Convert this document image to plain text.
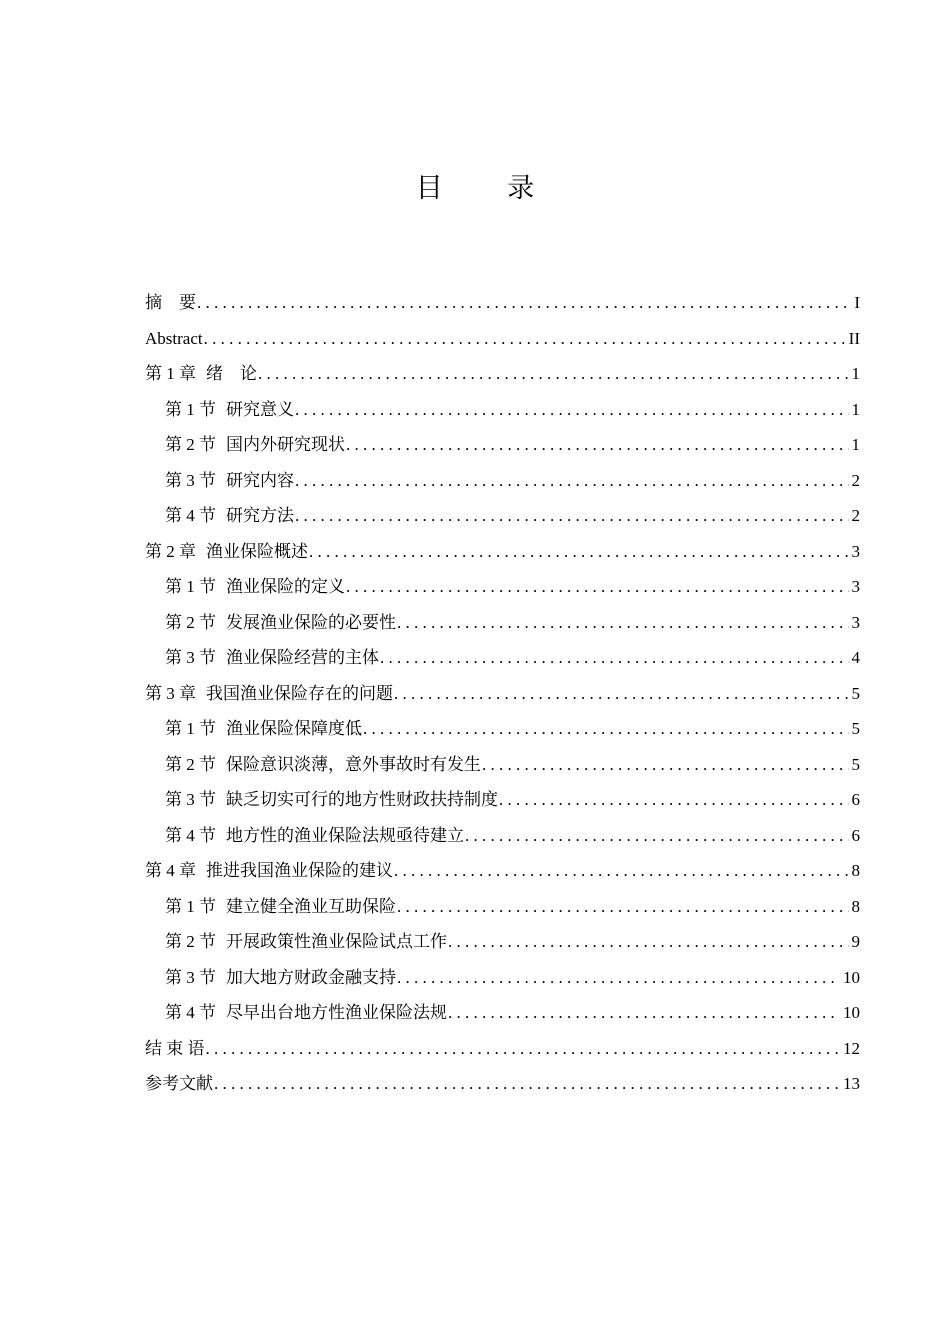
目 录
摘　要 . . .	I
Abstract . . .	II
第 1 章 绪　论 . . .	1
第 1 节 研究意义 . . .	1
第 2 节 国内外研究现状 . . .	1
第 3 节 研究内容 . . .	2
第 4 节 研究方法 . . .	2
第 2 章 渔业保险概述 . . .	3
第 1 节 渔业保险的定义 . . .	3
第 2 节 发展渔业保险的必要性 . . .	3
第 3 节 渔业保险经营的主体 . . .	4
第 3 章 我国渔业保险存在的问题 . . .	5
第 1 节 渔业保险保障度低 . . .	5
第 2 节 保险意识淡薄，意外事故时有发生 . . .	5
第 3 节 缺乏切实可行的地方性财政扶持制度 . . .	6
第 4 节 地方性的渔业保险法规亟待建立 . . .	6
第 4 章 推进我国渔业保险的建议 . . .	8
第 1 节 建立健全渔业互助保险 . . .	8
第 2 节 开展政策性渔业保险试点工作 . . .	9
第 3 节 加大地方财政金融支持 . . .	10
第 4 节 尽早出台地方性渔业保险法规 . . .	10
结 束 语 . . .	12
参考文献 . . .	13
